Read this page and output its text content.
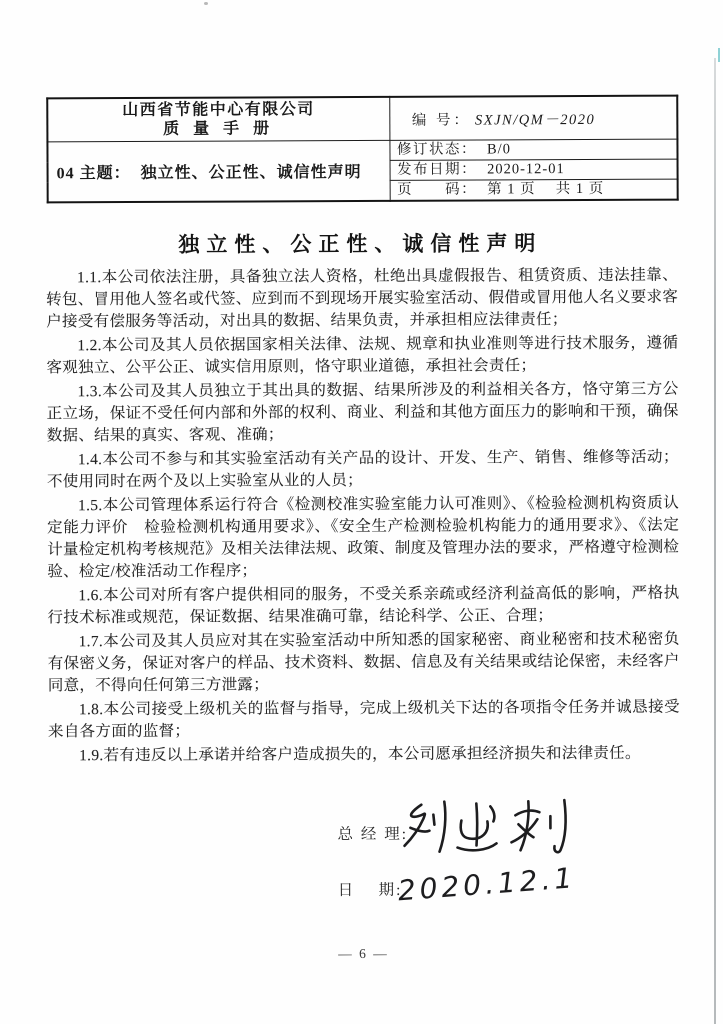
山西省节能中心有限公司
质 量 手 册	编 号： SXJN/QM－2020
04 主题： 独立性、公正性、诚信性声明	修订状态： B/0
	发布日期： 2020-12-01
	页　　码： 第 1 页　 共 1 页
独立性、公正性、诚信性声明

1.1.本公司依法注册，具备独立法人资格，杜绝出具虚假报告、租赁资质、违法挂靠、转包、冒用他人签名或代签、应到而不到现场开展实验室活动、假借或冒用他人名义要求客户接受有偿服务等活动，对出具的数据、结果负责，并承担相应法律责任；

1.2.本公司及其人员依据国家相关法律、法规、规章和执业准则等进行技术服务，遵循客观独立、公平公正、诚实信用原则，恪守职业道德，承担社会责任；

1.3.本公司及其人员独立于其出具的数据、结果所涉及的利益相关各方，恪守第三方公正立场，保证不受任何内部和外部的权利、商业、利益和其他方面压力的影响和干预，确保数据、结果的真实、客观、准确；

1.4.本公司不参与和其实验室活动有关产品的设计、开发、生产、销售、维修等活动；不使用同时在两个及以上实验室从业的人员；

1.5.本公司管理体系运行符合《检测校准实验室能力认可准则》、《检验检测机构资质认定能力评价　检验检测机构通用要求》、《安全生产检测检验机构能力的通用要求》、《法定计量检定机构考核规范》及相关法律法规、政策、制度及管理办法的要求，严格遵守检测检验、检定/校准活动工作程序；

1.6.本公司对所有客户提供相同的服务，不受关系亲疏或经济利益高低的影响，严格执行技术标准或规范，保证数据、结果准确可靠，结论科学、公正、合理；

1.7.本公司及其人员应对其在实验室活动中所知悉的国家秘密、商业秘密和技术秘密负有保密义务，保证对客户的样品、技术资料、数据、信息及有关结果或结论保密，未经客户同意，不得向任何第三方泄露；

1.8.本公司接受上级机关的监督与指导，完成上级机关下达的各项指令任务并诚恳接受来自各方面的监督；

1.9.若有违反以上承诺并给客户造成损失的，本公司愿承担经济损失和法律责任。

总 经 理:
日　 期:
2020.12.1
— 6 —
